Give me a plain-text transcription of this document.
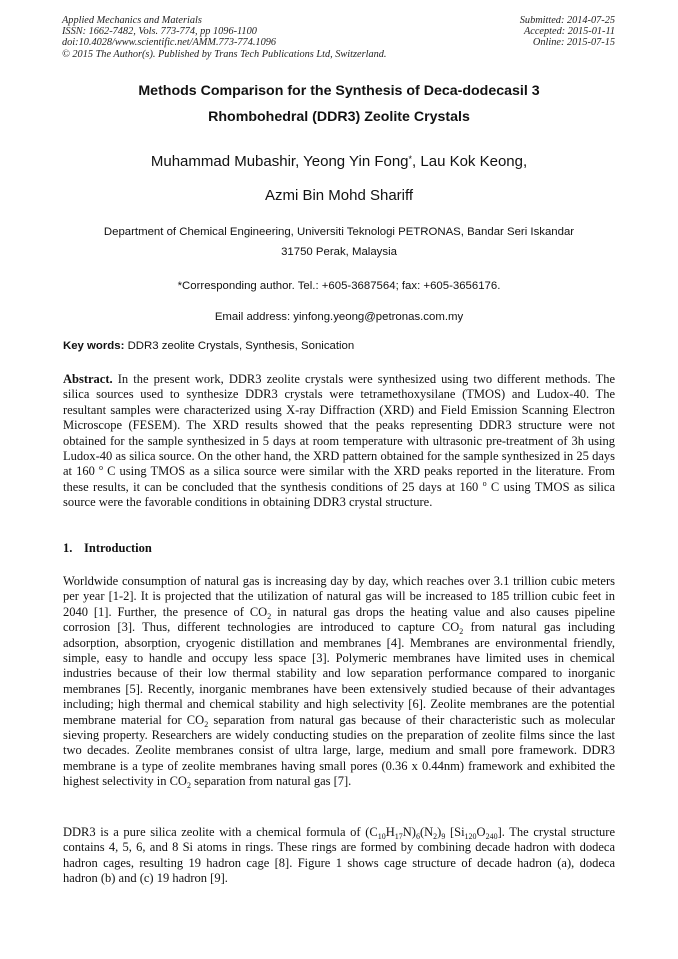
Applied Mechanics and Materials
ISSN: 1662-7482, Vols. 773-774, pp 1096-1100
doi:10.4028/www.scientific.net/AMM.773-774.1096
© 2015 The Author(s). Published by Trans Tech Publications Ltd, Switzerland.
Submitted: 2014-07-25
Accepted: 2015-01-11
Online: 2015-07-15
Methods Comparison for the Synthesis of Deca-dodecasil 3
Rhombohedral (DDR3) Zeolite Crystals
Muhammad Mubashir, Yeong Yin Fong*, Lau Kok Keong,
Azmi Bin Mohd Shariff
Department of Chemical Engineering, Universiti Teknologi PETRONAS, Bandar Seri Iskandar
31750 Perak, Malaysia
*Corresponding author. Tel.: +605-3687564; fax: +605-3656176.
Email address: yinfong.yeong@petronas.com.my
Key words: DDR3 zeolite Crystals, Synthesis, Sonication
Abstract. In the present work, DDR3 zeolite crystals were synthesized using two different methods. The silica sources used to synthesize DDR3 crystals were tetramethoxysilane (TMOS) and Ludox-40. The resultant samples were characterized using X-ray Diffraction (XRD) and Field Emission Scanning Electron Microscope (FESEM). The XRD results showed that the peaks representing DDR3 structure were not obtained for the sample synthesized in 5 days at room temperature with ultrasonic pre-treatment of 3h using Ludox-40 as silica source. On the other hand, the XRD pattern obtained for the sample synthesized in 25 days at 160 $^o$ C using TMOS as a silica source were similar with the XRD peaks reported in the literature. From these results, it can be concluded that the synthesis conditions of 25 days at 160 $^o$ C using TMOS as silica source were the favorable conditions in obtaining DDR3 crystal structure.
1. Introduction
Worldwide consumption of natural gas is increasing day by day, which reaches over 3.1 trillion cubic meters per year [1-2]. It is projected that the utilization of natural gas will be increased to 185 trillion cubic feet in 2040 [1]. Further, the presence of $CO_2$ in natural gas drops the heating value and also causes pipeline corrosion [3]. Thus, different technologies are introduced to capture $CO_2$ from natural gas including adsorption, absorption, cryogenic distillation and membranes [4]. Membranes are environmental friendly, simple, easy to handle and occupy less space [3]. Polymeric membranes have limited uses in chemical industries because of their low thermal stability and low separation performance compared to inorganic membranes [5]. Recently, inorganic membranes have been extensively studied because of their advantages including; high thermal and chemical stability and high selectivity [6]. Zeolite membranes are the potential membrane material for $CO_2$ separation from natural gas because of their characteristic such as molecular sieving property. Researchers are widely conducting studies on the preparation of zeolite films since the last two decades. Zeolite membranes consist of ultra large, large, medium and small pore framework. DDR3 membrane is a type of zeolite membranes having small pores (0.36 x 0.44nm) framework and exhibited the highest selectivity in $CO_2$ separation from natural gas [7].
DDR3 is a pure silica zeolite with a chemical formula of $(C_{10}H_{17}N)_6(N_2)_9$ $[Si_{120}O_{240}]$. The crystal structure contains 4, 5, 6, and 8 Si atoms in rings. These rings are formed by combining decade hadron with dodeca hadron cages, resulting 19 hadron cage [8]. Figure 1 shows cage structure of decade hadron (a), dodeca hadron (b) and (c) 19 hadron [9].
